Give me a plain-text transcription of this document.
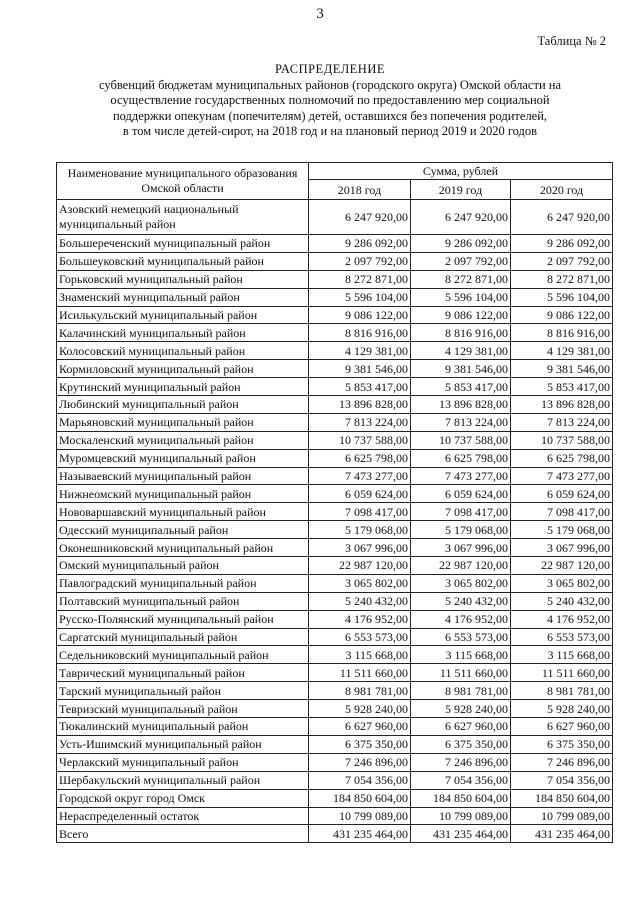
3
Таблица № 2
РАСПРЕДЕЛЕНИЕ
субвенций бюджетам муниципальных районов (городского округа) Омской области на
осуществление государственных полномочий по предоставлению мер социальной
поддержки опекунам (попечителям) детей, оставшихся без попечения родителей,
в том числе детей-сирот, на 2018 год и на плановый период 2019 и 2020 годов
Наименование муниципального образования Омской области	Сумма, рублей		
	2018 год	2019 год	2020 год
Азовский немецкий национальный муниципальный район	6 247 920,00	6 247 920,00	6 247 920,00
Большереченский муниципальный район	9 286 092,00	9 286 092,00	9 286 092,00
Большеуковский муниципальный район	2 097 792,00	2 097 792,00	2 097 792,00
Горьковский муниципальный район	8 272 871,00	8 272 871,00	8 272 871,00
Знаменский муниципальный район	5 596 104,00	5 596 104,00	5 596 104,00
Исилькульский муниципальный район	9 086 122,00	9 086 122,00	9 086 122,00
Калачинский муниципальный район	8 816 916,00	8 816 916,00	8 816 916,00
Колосовский муниципальный район	4 129 381,00	4 129 381,00	4 129 381,00
Кормиловский муниципальный район	9 381 546,00	9 381 546,00	9 381 546,00
Крутинский муниципальный район	5 853 417,00	5 853 417,00	5 853 417,00
Любинский муниципальный район	13 896 828,00	13 896 828,00	13 896 828,00
Марьяновский муниципальный район	7 813 224,00	7 813 224,00	7 813 224,00
Москаленский муниципальный район	10 737 588,00	10 737 588,00	10 737 588,00
Муромцевский муниципальный район	6 625 798,00	6 625 798,00	6 625 798,00
Называевский муниципальный район	7 473 277,00	7 473 277,00	7 473 277,00
Нижнеомский муниципальный район	6 059 624,00	6 059 624,00	6 059 624,00
Нововаршавский муниципальный район	7 098 417,00	7 098 417,00	7 098 417,00
Одесский муниципальный район	5 179 068,00	5 179 068,00	5 179 068,00
Оконешниковский муниципальный район	3 067 996,00	3 067 996,00	3 067 996,00
Омский муниципальный район	22 987 120,00	22 987 120,00	22 987 120,00
Павлоградский муниципальный район	3 065 802,00	3 065 802,00	3 065 802,00
Полтавский муниципальный район	5 240 432,00	5 240 432,00	5 240 432,00
Русско-Полянский муниципальный район	4 176 952,00	4 176 952,00	4 176 952,00
Саргатский муниципальный район	6 553 573,00	6 553 573,00	6 553 573,00
Седельниковский муниципальный район	3 115 668,00	3 115 668,00	3 115 668,00
Таврический муниципальный район	11 511 660,00	11 511 660,00	11 511 660,00
Тарский муниципальный район	8 981 781,00	8 981 781,00	8 981 781,00
Тевризский муниципальный район	5 928 240,00	5 928 240,00	5 928 240,00
Тюкалинский муниципальный район	6 627 960,00	6 627 960,00	6 627 960,00
Усть-Ишимский муниципальный район	6 375 350,00	6 375 350,00	6 375 350,00
Черлакский муниципальный район	7 246 896,00	7 246 896,00	7 246 896,00
Шербакульский муниципальный район	7 054 356,00	7 054 356,00	7 054 356,00
Городской округ город Омск	184 850 604,00	184 850 604,00	184 850 604,00
Нераспределенный остаток	10 799 089,00	10 799 089,00	10 799 089,00
Всего	431 235 464,00	431 235 464,00	431 235 464,00
